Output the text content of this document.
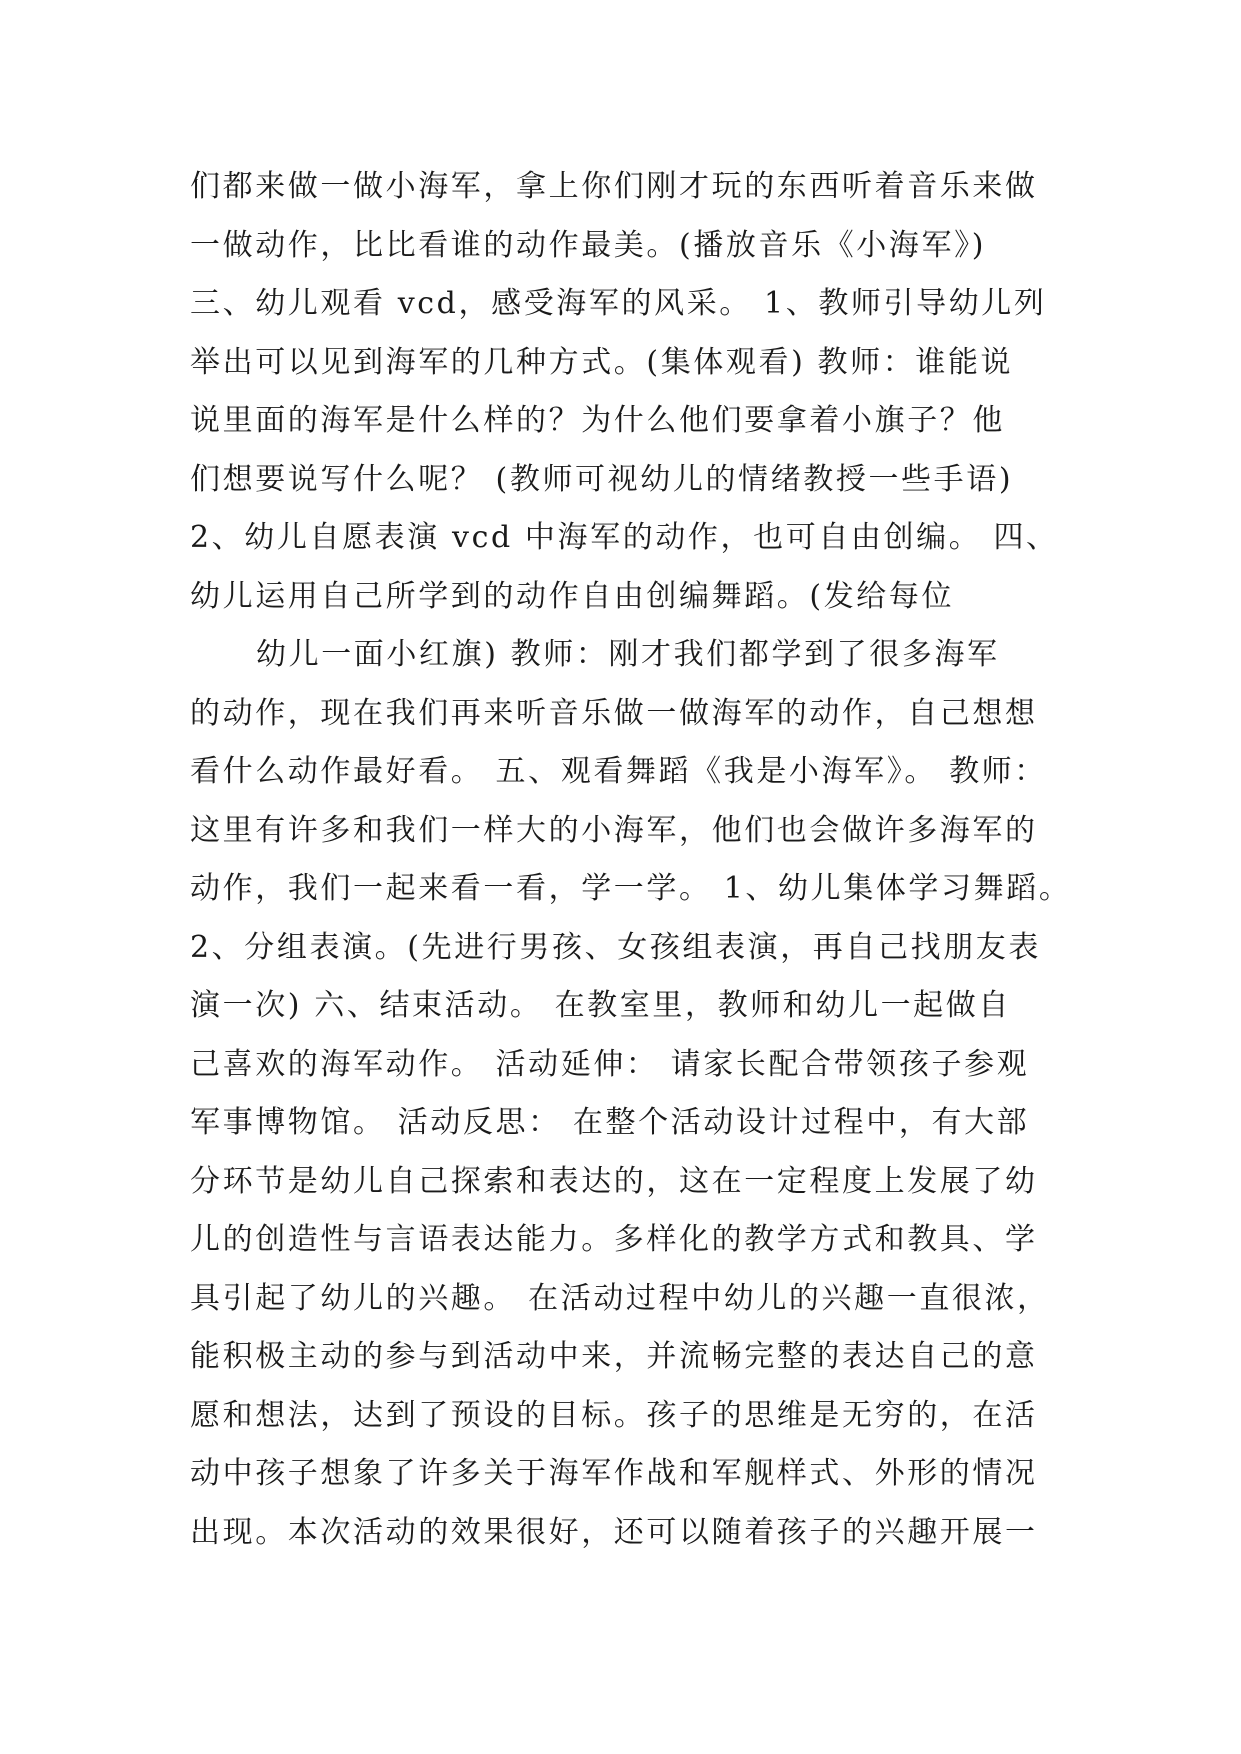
们都来做一做小海军，拿上你们刚才玩的东西听着音乐来做
一做动作，比比看谁的动作最美。(播放音乐《小海军》)
三、幼儿观看 vcd，感受海军的风采。 1、教师引导幼儿列
举出可以见到海军的几种方式。(集体观看) 教师：谁能说
说里面的海军是什么样的？为什么他们要拿着小旗子？他
们想要说写什么呢？ (教师可视幼儿的情绪教授一些手语)
2、幼儿自愿表演 vcd 中海军的动作，也可自由创编。 四、
幼儿运用自己所学到的动作自由创编舞蹈。(发给每位
幼儿一面小红旗) 教师：刚才我们都学到了很多海军
的动作，现在我们再来听音乐做一做海军的动作，自己想想
看什么动作最好看。 五、观看舞蹈《我是小海军》。 教师：
这里有许多和我们一样大的小海军，他们也会做许多海军的
动作，我们一起来看一看，学一学。 1、幼儿集体学习舞蹈。
2、分组表演。(先进行男孩、女孩组表演，再自己找朋友表
演一次) 六、结束活动。 在教室里，教师和幼儿一起做自
己喜欢的海军动作。 活动延伸： 请家长配合带领孩子参观
军事博物馆。 活动反思： 在整个活动设计过程中，有大部
分环节是幼儿自己探索和表达的，这在一定程度上发展了幼
儿的创造性与言语表达能力。多样化的教学方式和教具、学
具引起了幼儿的兴趣。 在活动过程中幼儿的兴趣一直很浓，
能积极主动的参与到活动中来，并流畅完整的表达自己的意
愿和想法，达到了预设的目标。孩子的思维是无穷的，在活
动中孩子想象了许多关于海军作战和军舰样式、外形的情况
出现。本次活动的效果很好，还可以随着孩子的兴趣开展一
